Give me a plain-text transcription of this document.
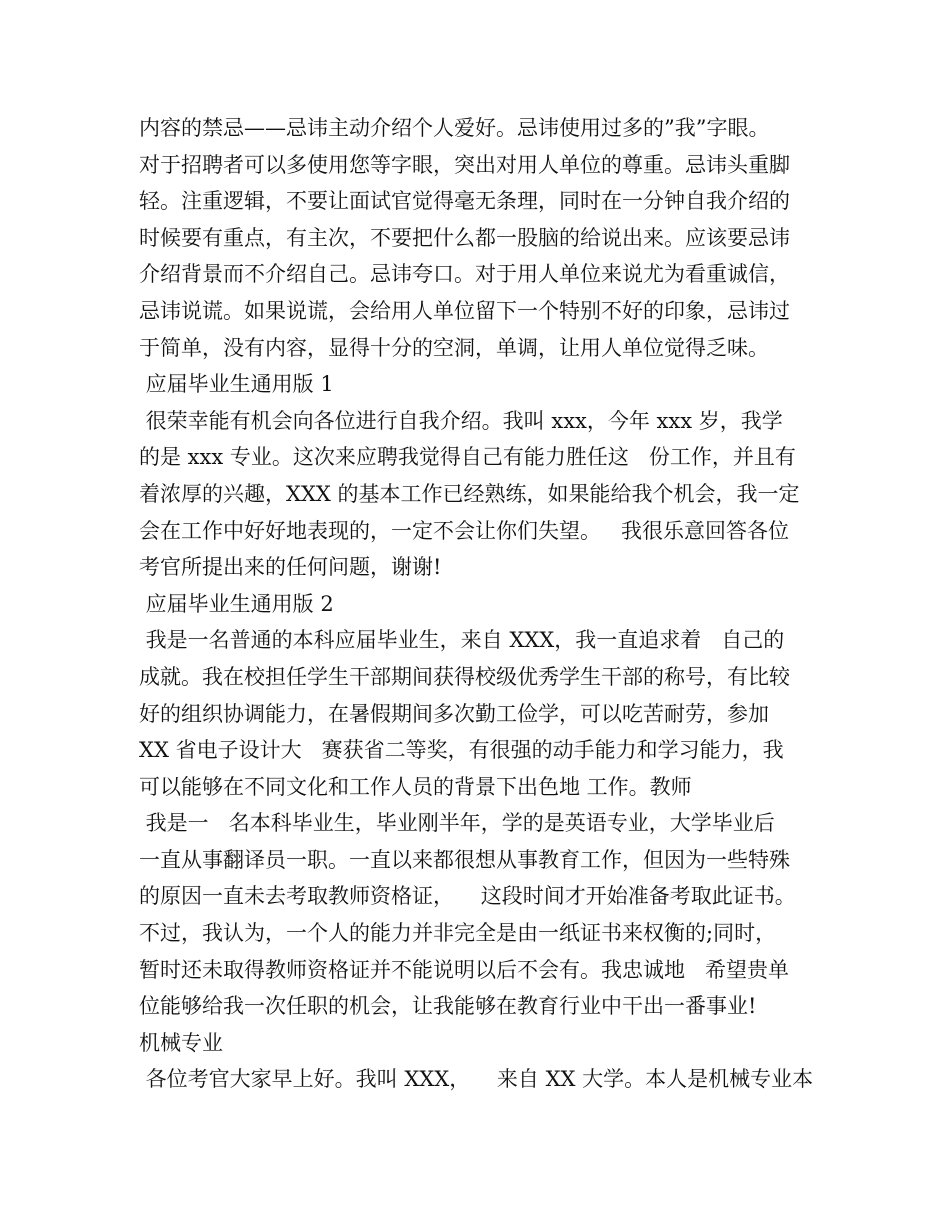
内容的禁忌——忌讳主动介绍个人爱好。忌讳使用过多的”我”字眼。
对于招聘者可以多使用您等字眼，突出对用人单位的尊重。忌讳头重脚
轻。注重逻辑，不要让面试官觉得毫无条理，同时在一分钟自我介绍的
时候要有重点，有主次，不要把什么都一股脑的给说出来。应该要忌讳
介绍背景而不介绍自己。忌讳夸口。对于用人单位来说尤为看重诚信，
忌讳说谎。如果说谎，会给用人单位留下一个特别不好的印象，忌讳过
于简单，没有内容，显得十分的空洞，单调，让用人单位觉得乏味。
应届毕业生通用版 1
很荣幸能有机会向各位进行自我介绍。我叫 xxx，今年 xxx 岁，我学
的是 xxx 专业。这次来应聘我觉得自己有能力胜任这   份工作，并且有
着浓厚的兴趣，XXX 的基本工作已经熟练，如果能给我个机会，我一定
会在工作中好好地表现的，一定不会让你们失望。   我很乐意回答各位
考官所提出来的任何问题，谢谢!
应届毕业生通用版 2
我是一名普通的本科应届毕业生，来自 XXX，我一直追求着   自己的
成就。我在校担任学生干部期间获得校级优秀学生干部的称号，有比较
好的组织协调能力，在暑假期间多次勤工俭学，可以吃苦耐劳，参加
XX 省电子设计大   赛获省二等奖，有很强的动手能力和学习能力，我
可以能够在不同文化和工作人员的背景下出色地 工作。教师
我是一   名本科毕业生，毕业刚半年，学的是英语专业，大学毕业后
一直从事翻译员一职。一直以来都很想从事教育工作，但因为一些特殊
的原因一直未去考取教师资格证，    这段时间才开始准备考取此证书。
不过，我认为，一个人的能力并非完全是由一纸证书来权衡的;同时，
暂时还未取得教师资格证并不能说明以后不会有。我忠诚地   希望贵单
位能够给我一次任职的机会，让我能够在教育行业中干出一番事业!
机械专业
各位考官大家早上好。我叫 XXX，    来自 XX 大学。本人是机械专业本
